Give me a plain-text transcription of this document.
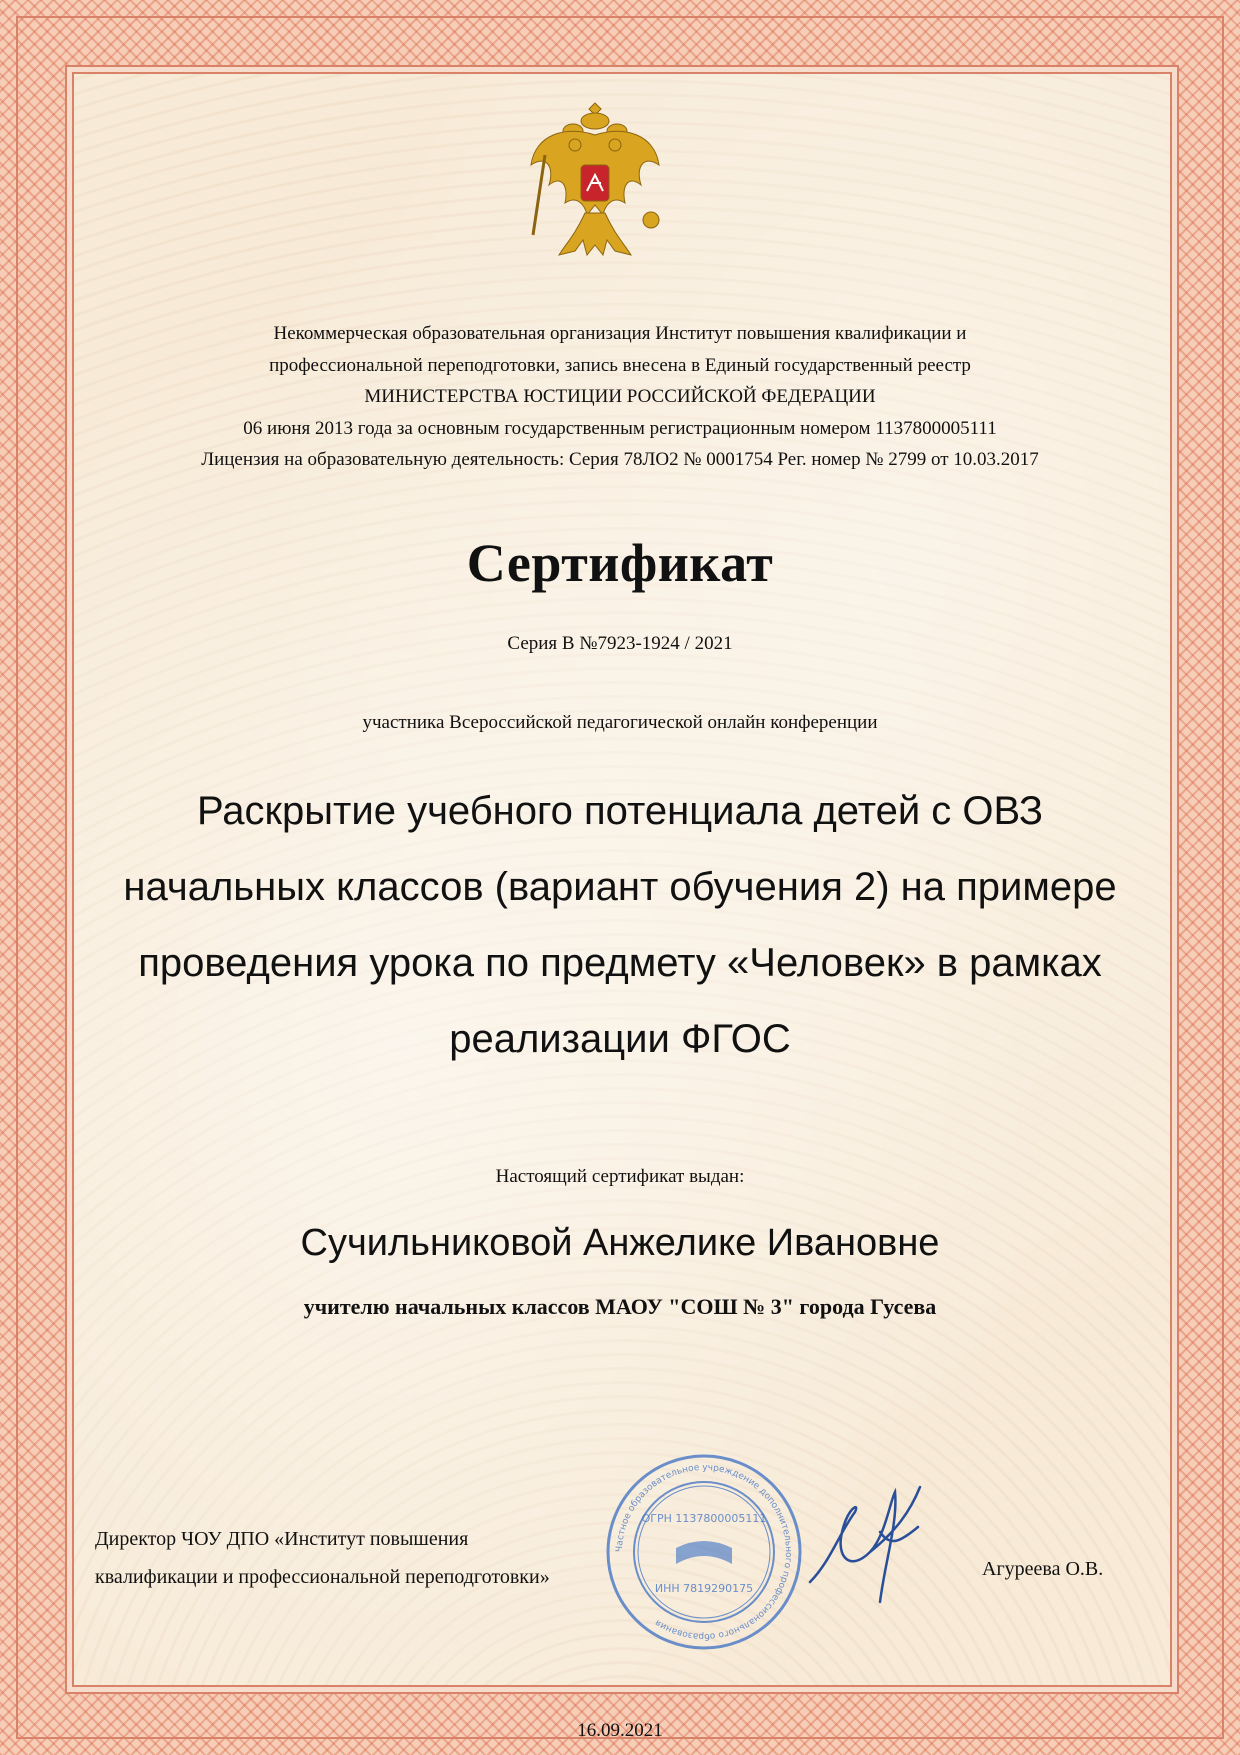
Некоммерческая образовательная организация Институт повышения квалификации и
профессиональной переподготовки, запись внесена в Единый государственный реестр
МИНИСТЕРСТВА ЮСТИЦИИ РОССИЙСКОЙ ФЕДЕРАЦИИ
06 июня 2013 года за основным государственным регистрационным номером 1137800005111
Лицензия на образовательную деятельность: Серия 78ЛО2 № 0001754 Рег. номер № 2799 от 10.03.2017
Сертификат
Серия В №7923-1924 / 2021
участника Всероссийской педагогической онлайн конференции
Раскрытие учебного потенциала детей с ОВЗ
начальных классов (вариант обучения 2) на примере
проведения урока по предмету «Человек» в рамках
реализации ФГОС
Настоящий сертификат выдан:
Сучильниковой Анжелике Ивановне
учителю начальных классов МАОУ "СОШ № 3" города Гусева
Директор ЧОУ ДПО «Институт повышения
квалификации и профессиональной переподготовки»
Частное образовательное учреждение дополнительного профессионального образования
ОГРН 1137800005111
ИНН 7819290175
Агуреева О.В.
16.09.2021
